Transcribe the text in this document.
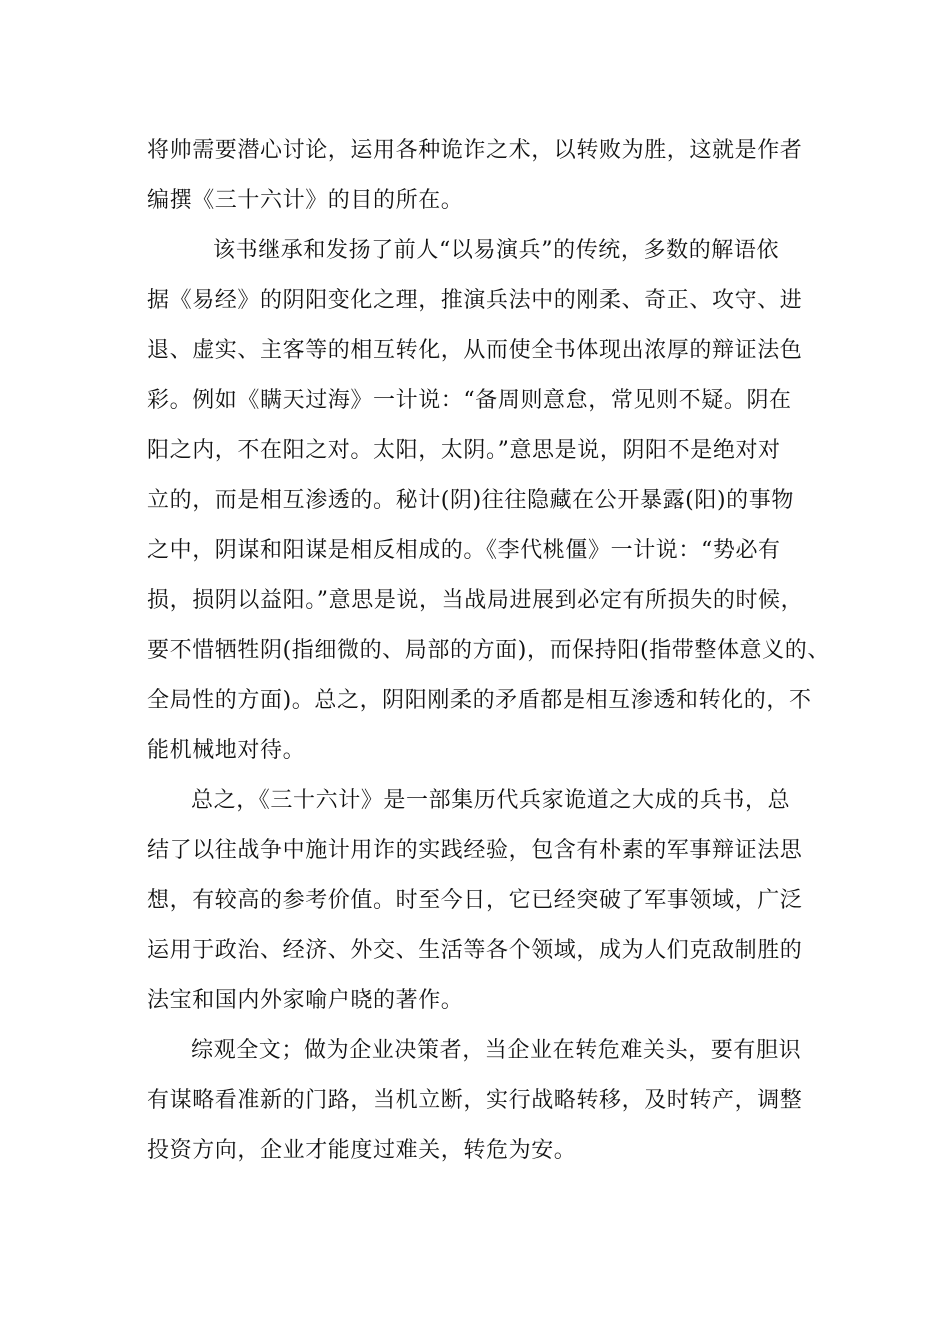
将帅需要潜心讨论，运用各种诡诈之术，以转败为胜，这就是作者
编撰《三十六计》的目的所在。
该书继承和发扬了前人“以易演兵”的传统，多数的解语依
据《易经》的阴阳变化之理，推演兵法中的刚柔、奇正、攻守、进
退、虚实、主客等的相互转化，从而使全书体现出浓厚的辩证法色
彩。例如《瞒天过海》一计说：“备周则意怠，常见则不疑。阴在
阳之内，不在阳之对。太阳，太阴。”意思是说，阴阳不是绝对对
立的，而是相互渗透的。秘计(阴)往往隐藏在公开暴露(阳)的事物
之中，阴谋和阳谋是相反相成的。《李代桃僵》一计说：“势必有
损，损阴以益阳。”意思是说，当战局进展到必定有所损失的时候，
要不惜牺牲阴(指细微的、局部的方面)，而保持阳(指带整体意义的、
全局性的方面)。总之，阴阳刚柔的矛盾都是相互渗透和转化的，不
能机械地对待。
总之，《三十六计》是一部集历代兵家诡道之大成的兵书，总
结了以往战争中施计用诈的实践经验，包含有朴素的军事辩证法思
想，有较高的参考价值。时至今日，它已经突破了军事领域，广泛
运用于政治、经济、外交、生活等各个领域，成为人们克敌制胜的
法宝和国内外家喻户晓的著作。
综观全文；做为企业决策者，当企业在转危难关头，要有胆识
有谋略看准新的门路，当机立断，实行战略转移，及时转产，调整
投资方向，企业才能度过难关，转危为安。
